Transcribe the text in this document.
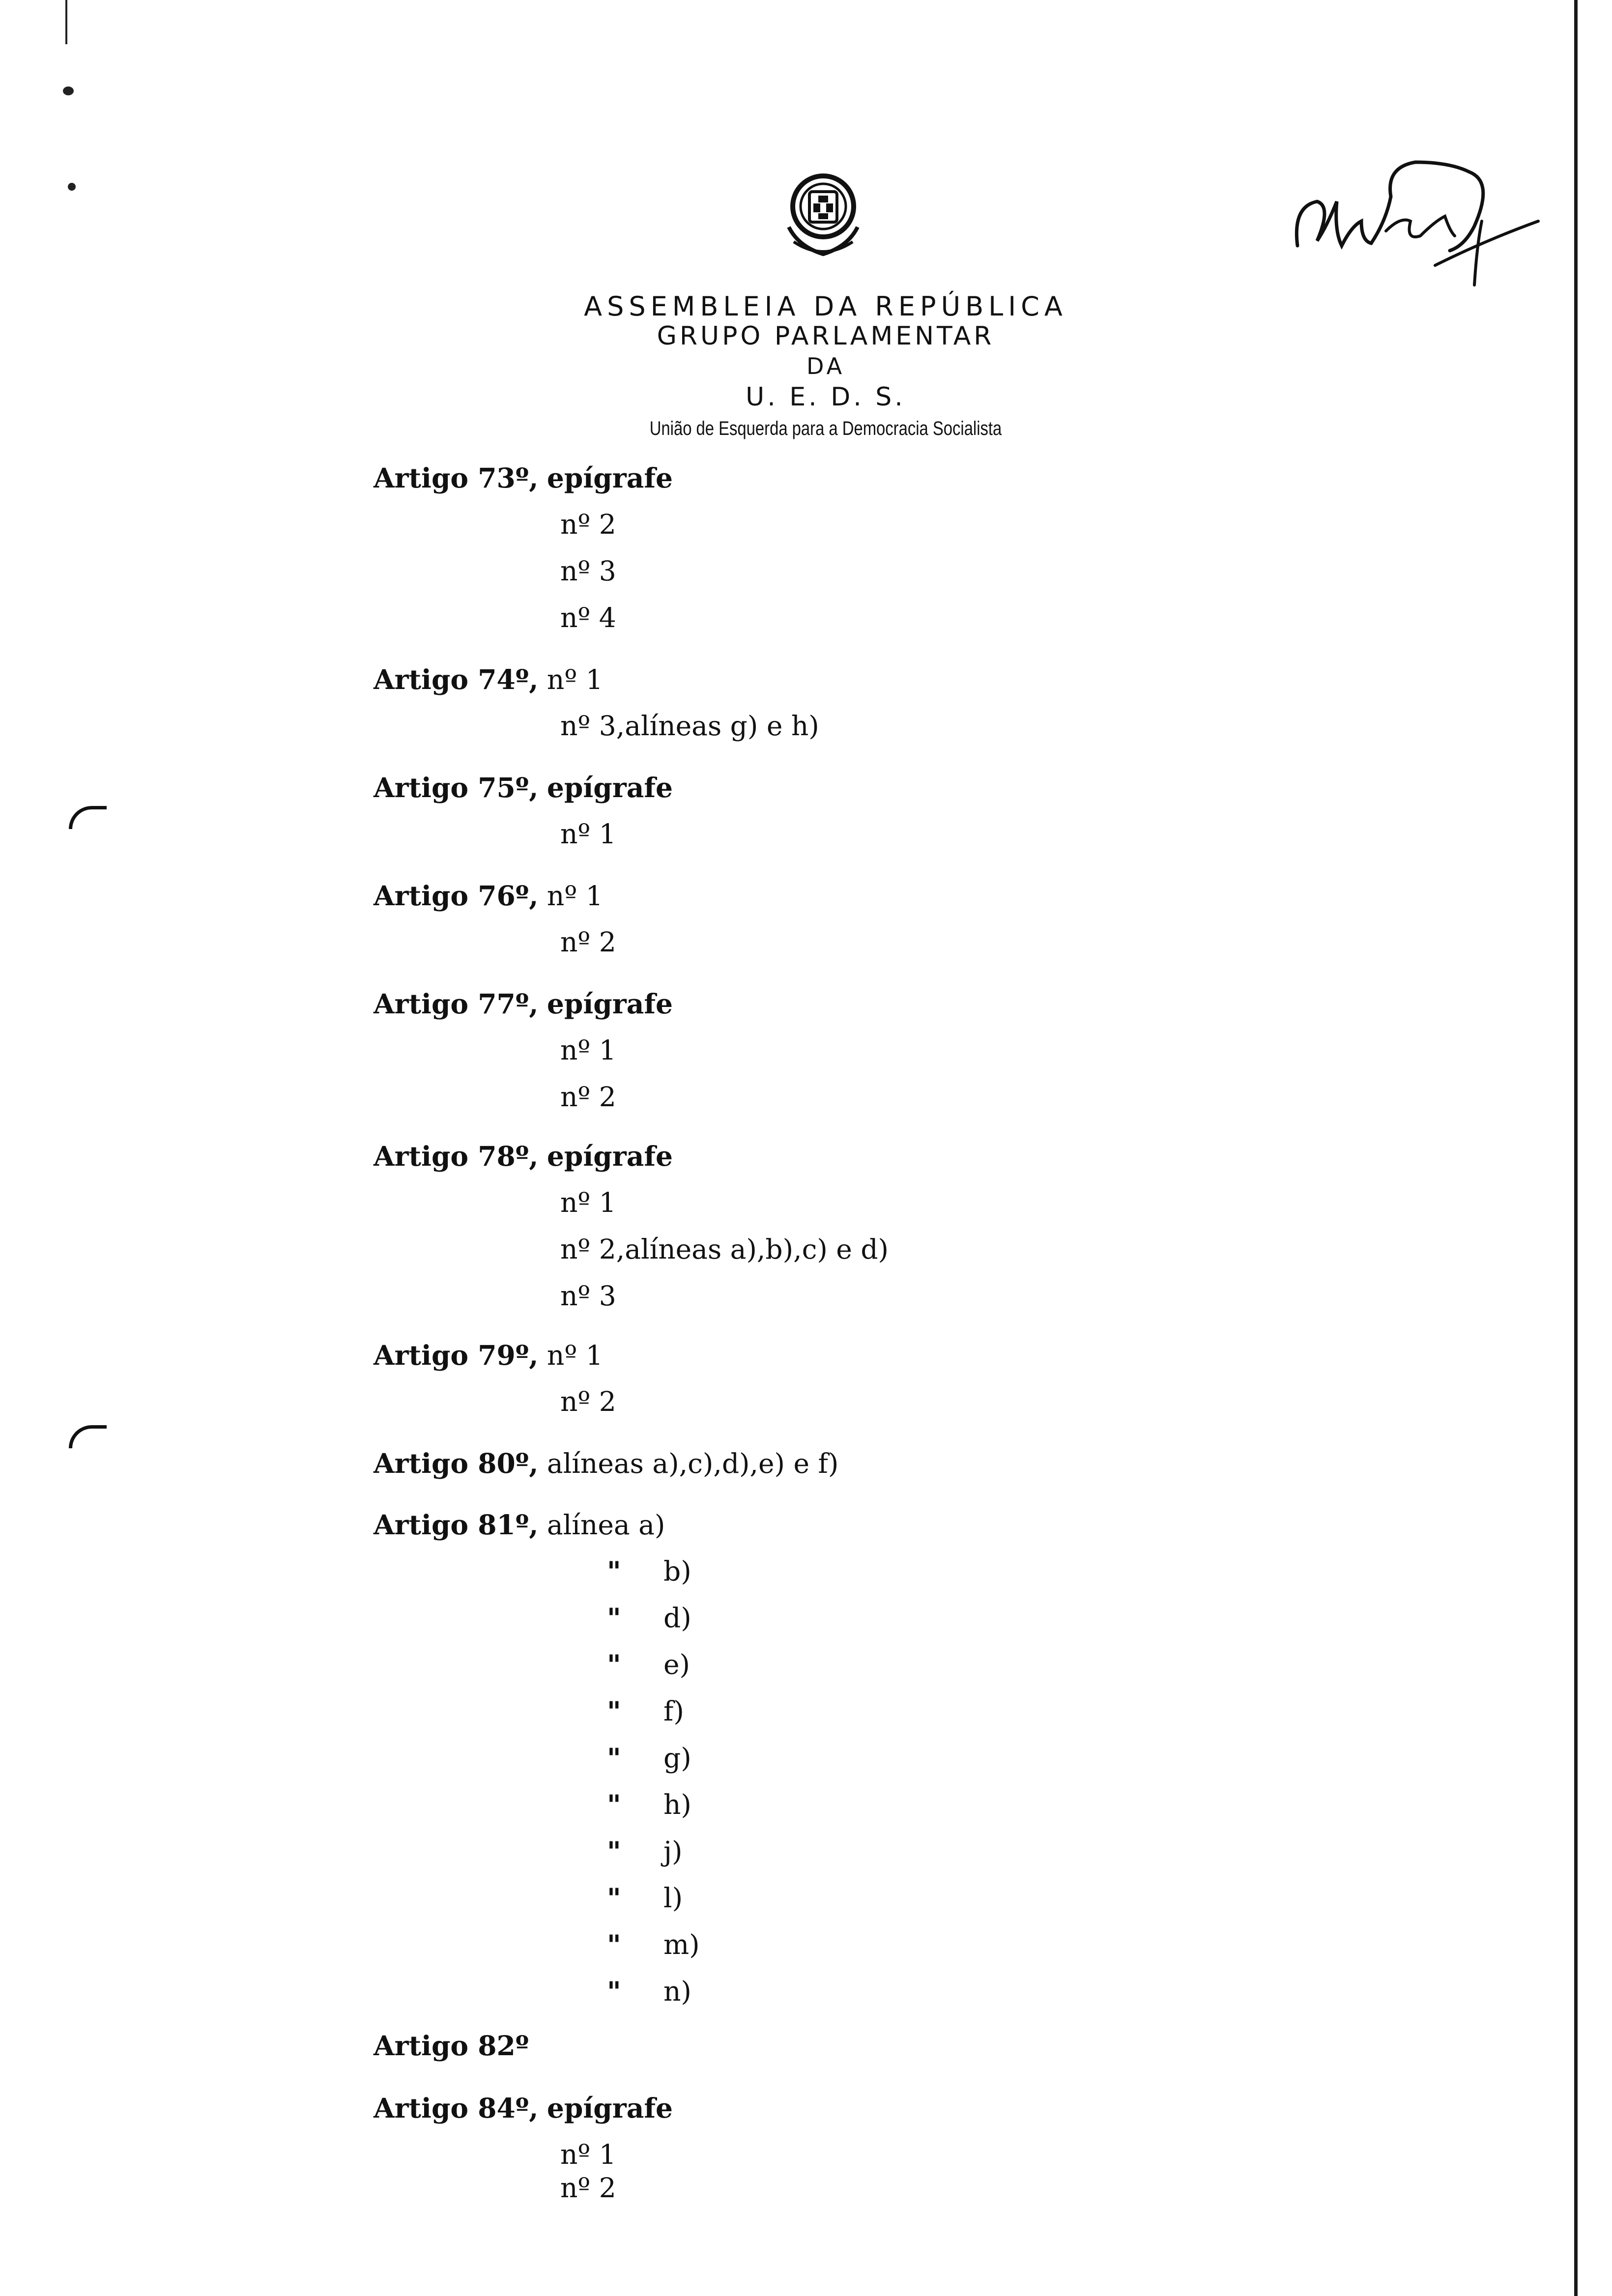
ASSEMBLEIA DA REPÚBLICA
GRUPO PARLAMENTAR
DA
U. E. D. S.
União de Esquerda para a Democracia Socialista
Artigo 73º, epígrafe
nº 2
nº 3
nº 4
Artigo 74º, nº 1
nº 3,alíneas g) e h)
Artigo 75º, epígrafe
nº 1
Artigo 76º, nº 1
nº 2
Artigo 77º, epígrafe
nº 1
nº 2
Artigo 78º, epígrafe
nº 1
nº 2,alíneas a),b),c) e d)
nº 3
Artigo 79º, nº 1
nº 2
Artigo 80º, alíneas a),c),d),e) e f)
Artigo 81º, alínea a)
" b)
" d)
" e)
" f)
" g)
" h)
" j)
" l)
" m)
" n)
Artigo 82º
Artigo 84º, epígrafe
nº 1
nº 2
